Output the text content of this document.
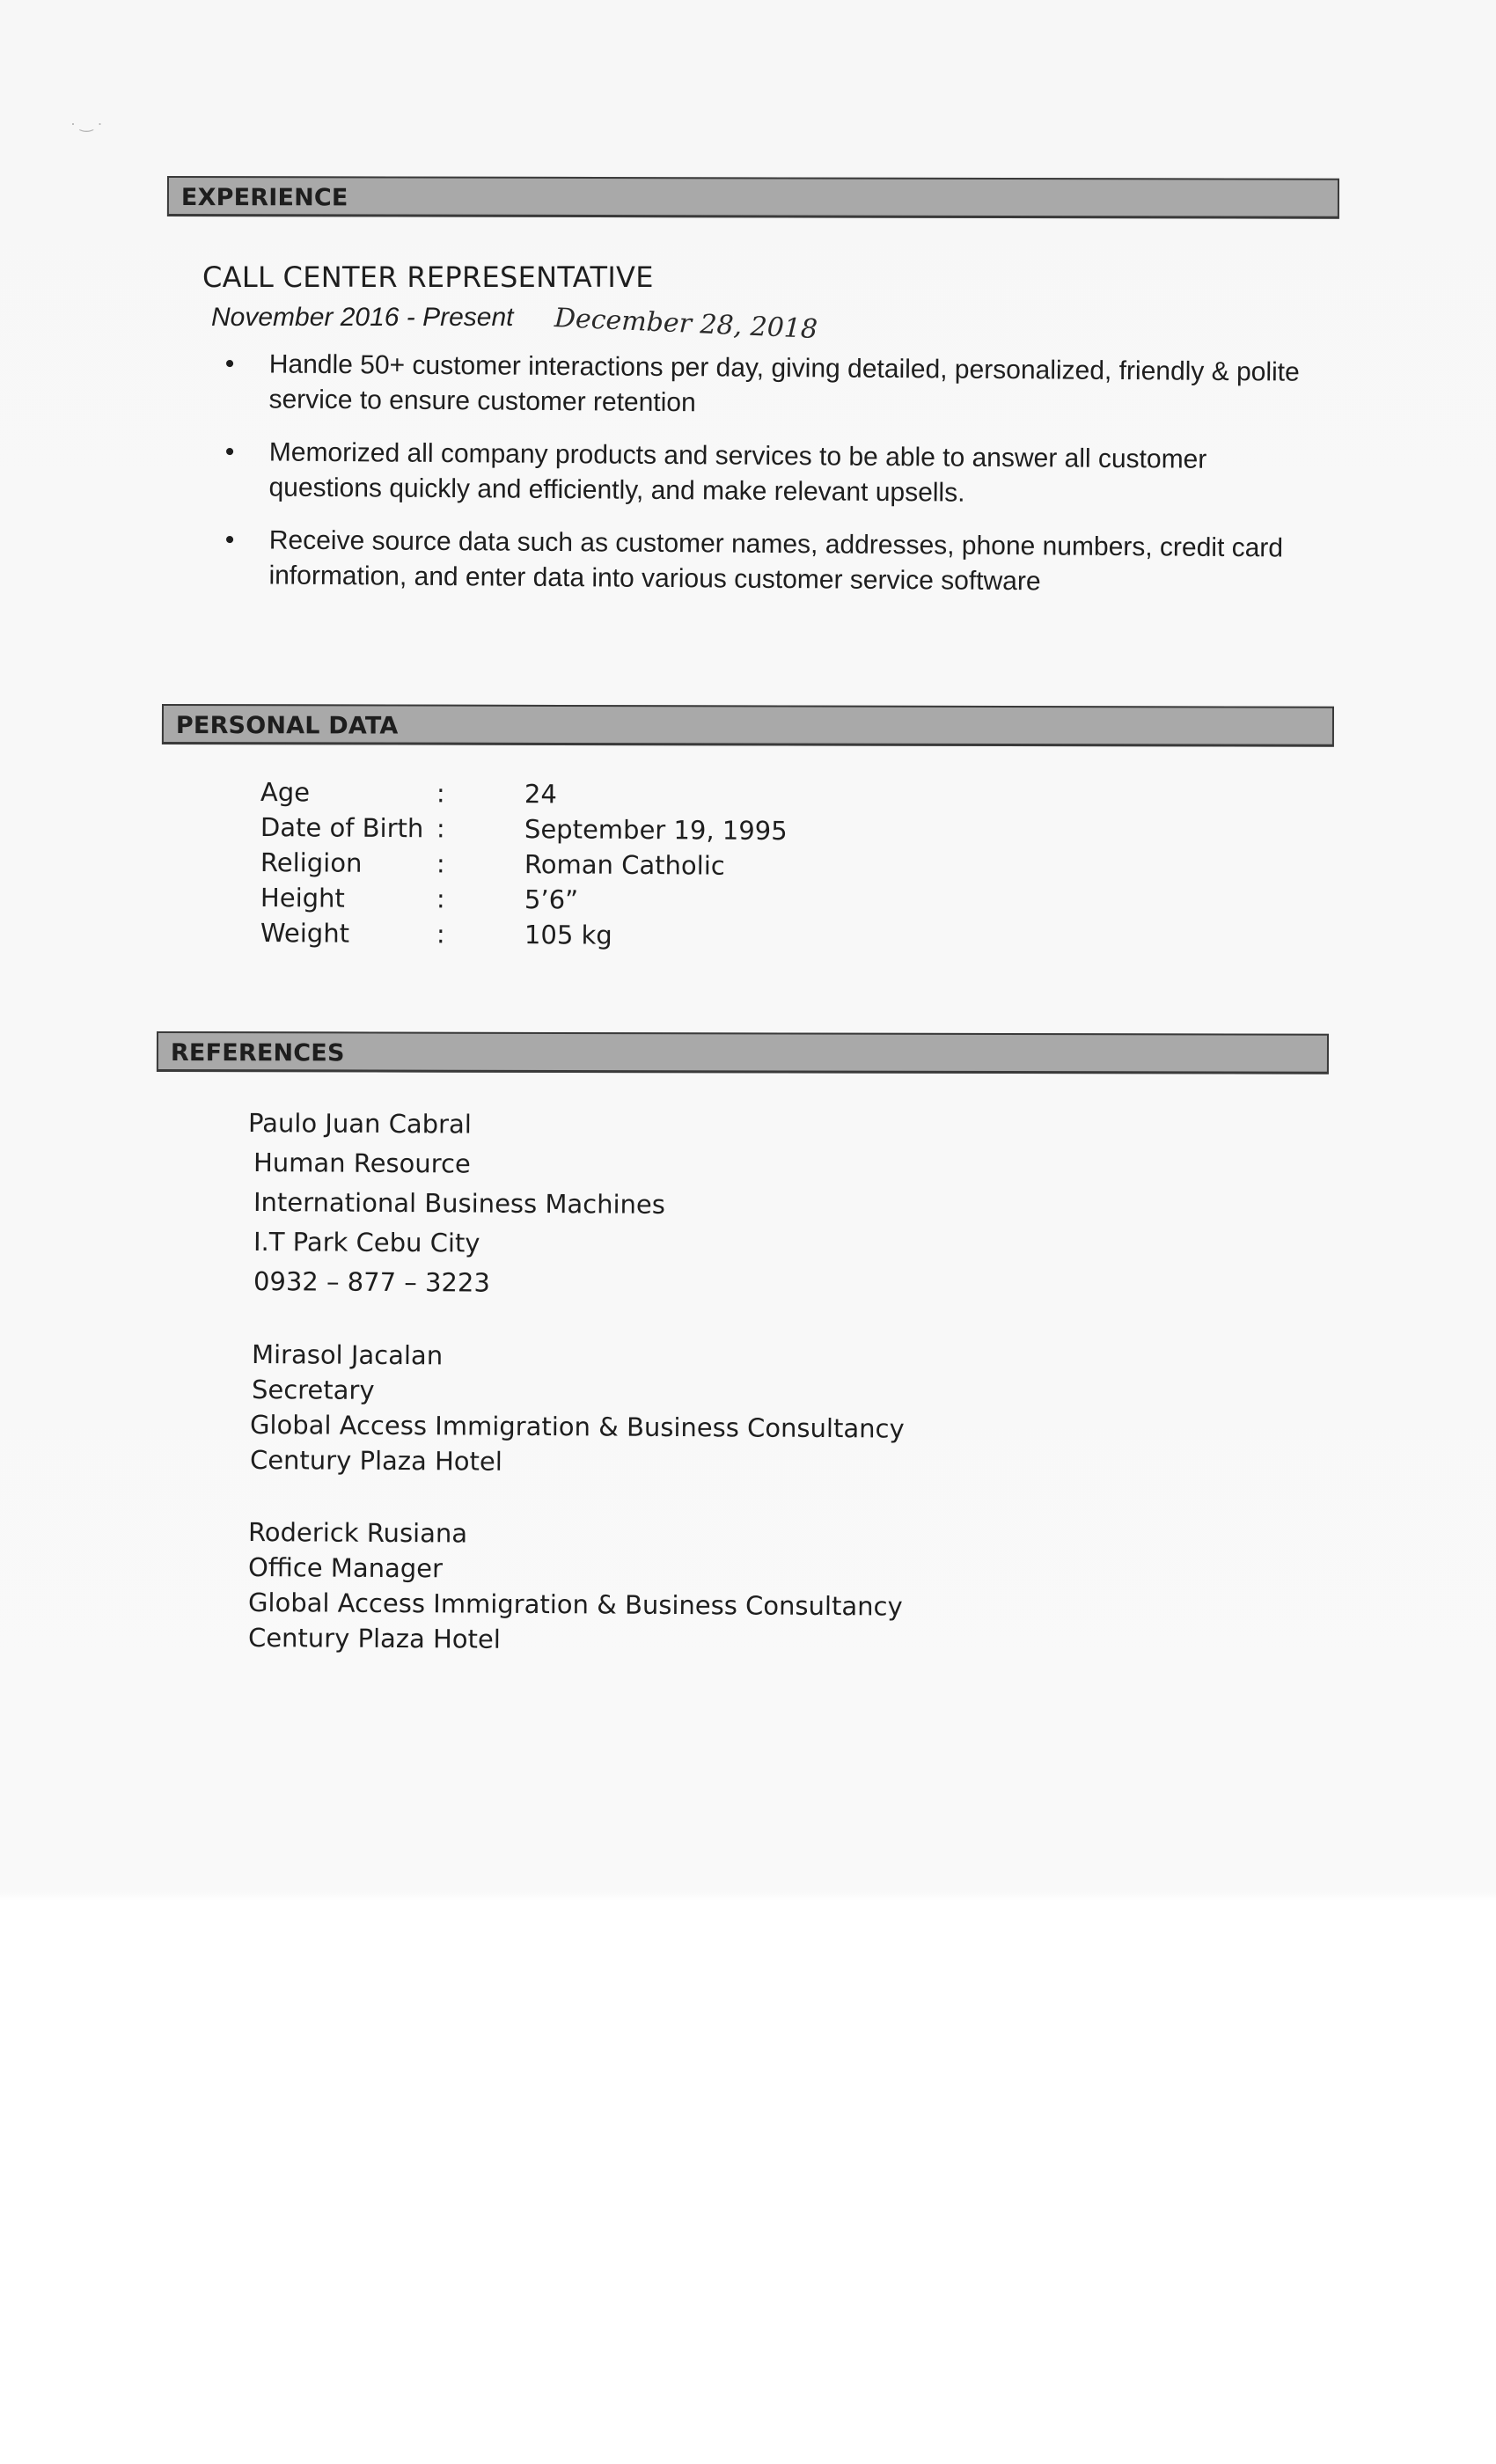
· ‿ ·
EXPERIENCE
CALL CENTER REPRESENTATIVE
November 2016 - Present December 28, 2018
• Handle 50+ customer interactions per day, giving detailed, personalized, friendly & polite service to ensure customer retention
• Memorized all company products and services to be able to answer all customer questions quickly and efficiently, and make relevant upsells.
• Receive source data such as customer names, addresses, phone numbers, credit card information, and enter data into various customer service software
PERSONAL DATA
Age	:	24
Date of Birth :	September 19, 1995
Religion	:	Roman Catholic
Height	:	5’6”
Weight	:	105 kg
REFERENCES
Paulo Juan Cabral
Human Resource
International Business Machines
I.T Park Cebu City
0932 – 877 – 3223
Mirasol Jacalan
Secretary
Global Access Immigration & Business Consultancy
Century Plaza Hotel
Roderick Rusiana
Office Manager
Global Access Immigration & Business Consultancy
Century Plaza Hotel
